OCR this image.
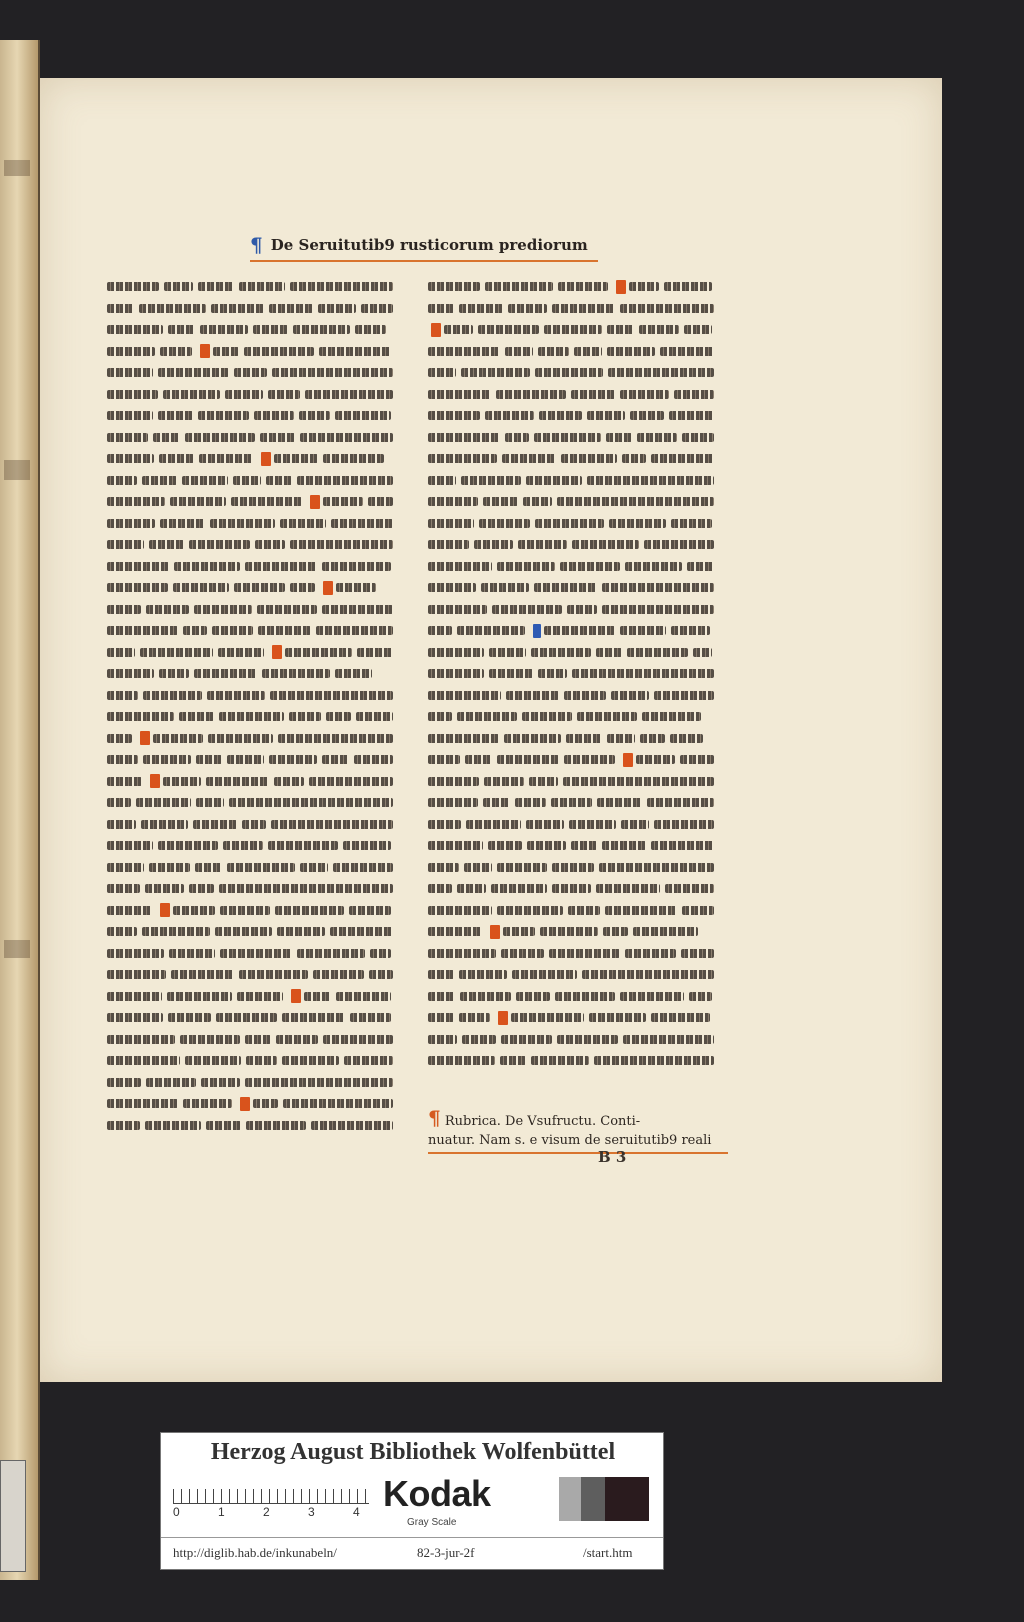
¶ De Seruitutib9 rusticorum prediorum
¶ Rubrica. De Vsufructu. Conti-
nuatur. Nam s. e visum de seruitutib9 reali
B 3
Herzog August Bibliothek Wolfenbüttel
0	1	2	3	4 Kodak
Gray Scale
http://diglib.hab.de/inkunabeln/	82-3-jur-2f	/start.htm
